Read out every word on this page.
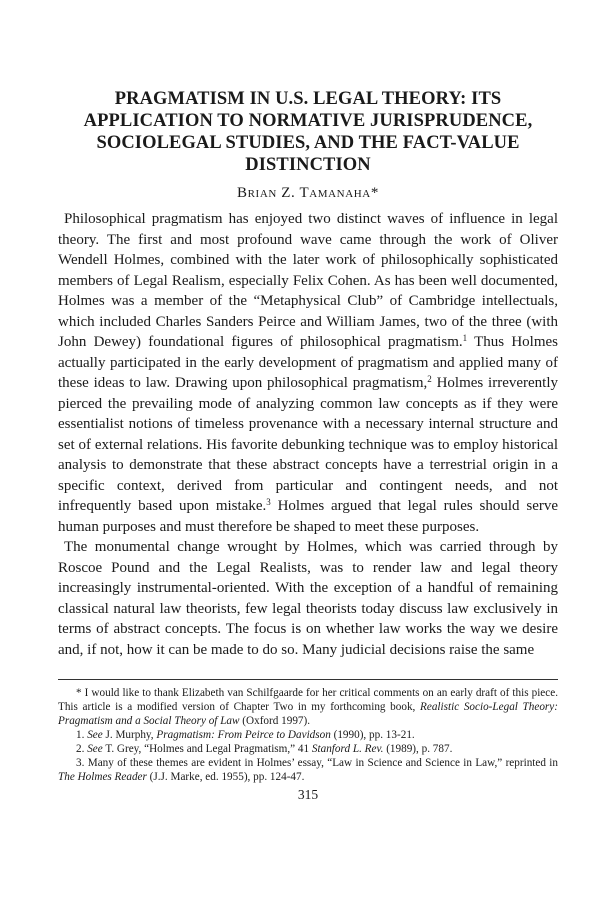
PRAGMATISM IN U.S. LEGAL THEORY: ITS
APPLICATION TO NORMATIVE JURISPRUDENCE,
SOCIOLEGAL STUDIES, AND THE FACT-VALUE
DISTINCTION
Brian Z. Tamanaha*

Philosophical pragmatism has enjoyed two distinct waves of influence in legal theory. The first and most profound wave came through the work of Oliver Wendell Holmes, combined with the later work of philosophically sophisticated members of Legal Realism, especially Felix Cohen. As has been well documented, Holmes was a member of the “Metaphysical Club” of Cambridge intellectuals, which included Charles Sanders Peirce and William James, two of the three (with John Dewey) foundational figures of philosophical pragmatism.$^1$ Thus Holmes actually participated in the early development of pragmatism and applied many of these ideas to law. Drawing upon philosophical pragmatism,$^2$ Holmes irreverently pierced the prevailing mode of analyzing common law concepts as if they were essentialist notions of timeless provenance with a necessary internal structure and set of external relations. His favorite debunking technique was to employ historical analysis to demonstrate that these abstract concepts have a terrestrial origin in a specific context, derived from particular and contingent needs, and not infrequently based upon mistake.$^3$ Holmes argued that legal rules should serve human purposes and must therefore be shaped to meet these purposes.

The monumental change wrought by Holmes, which was carried through by Roscoe Pound and the Legal Realists, was to render law and legal theory increasingly instrumental-oriented. With the exception of a handful of remaining classical natural law theorists, few legal theorists today discuss law exclusively in terms of abstract concepts. The focus is on whether law works the way we desire and, if not, how it can be made to do so. Many judicial decisions raise the same

* I would like to thank Elizabeth van Schilfgaarde for her critical comments on an early draft of this piece. This article is a modified version of Chapter Two in my forthcoming book, Realistic Socio-Legal Theory: Pragmatism and a Social Theory of Law (Oxford 1997).

1. See J. Murphy, Pragmatism: From Peirce to Davidson (1990), pp. 13-21.

2. See T. Grey, “Holmes and Legal Pragmatism,” 41 Stanford L. Rev. (1989), p. 787.

3. Many of these themes are evident in Holmes’ essay, “Law in Science and Science in Law,” reprinted in The Holmes Reader (J.J. Marke, ed. 1955), pp. 124-47.

315
